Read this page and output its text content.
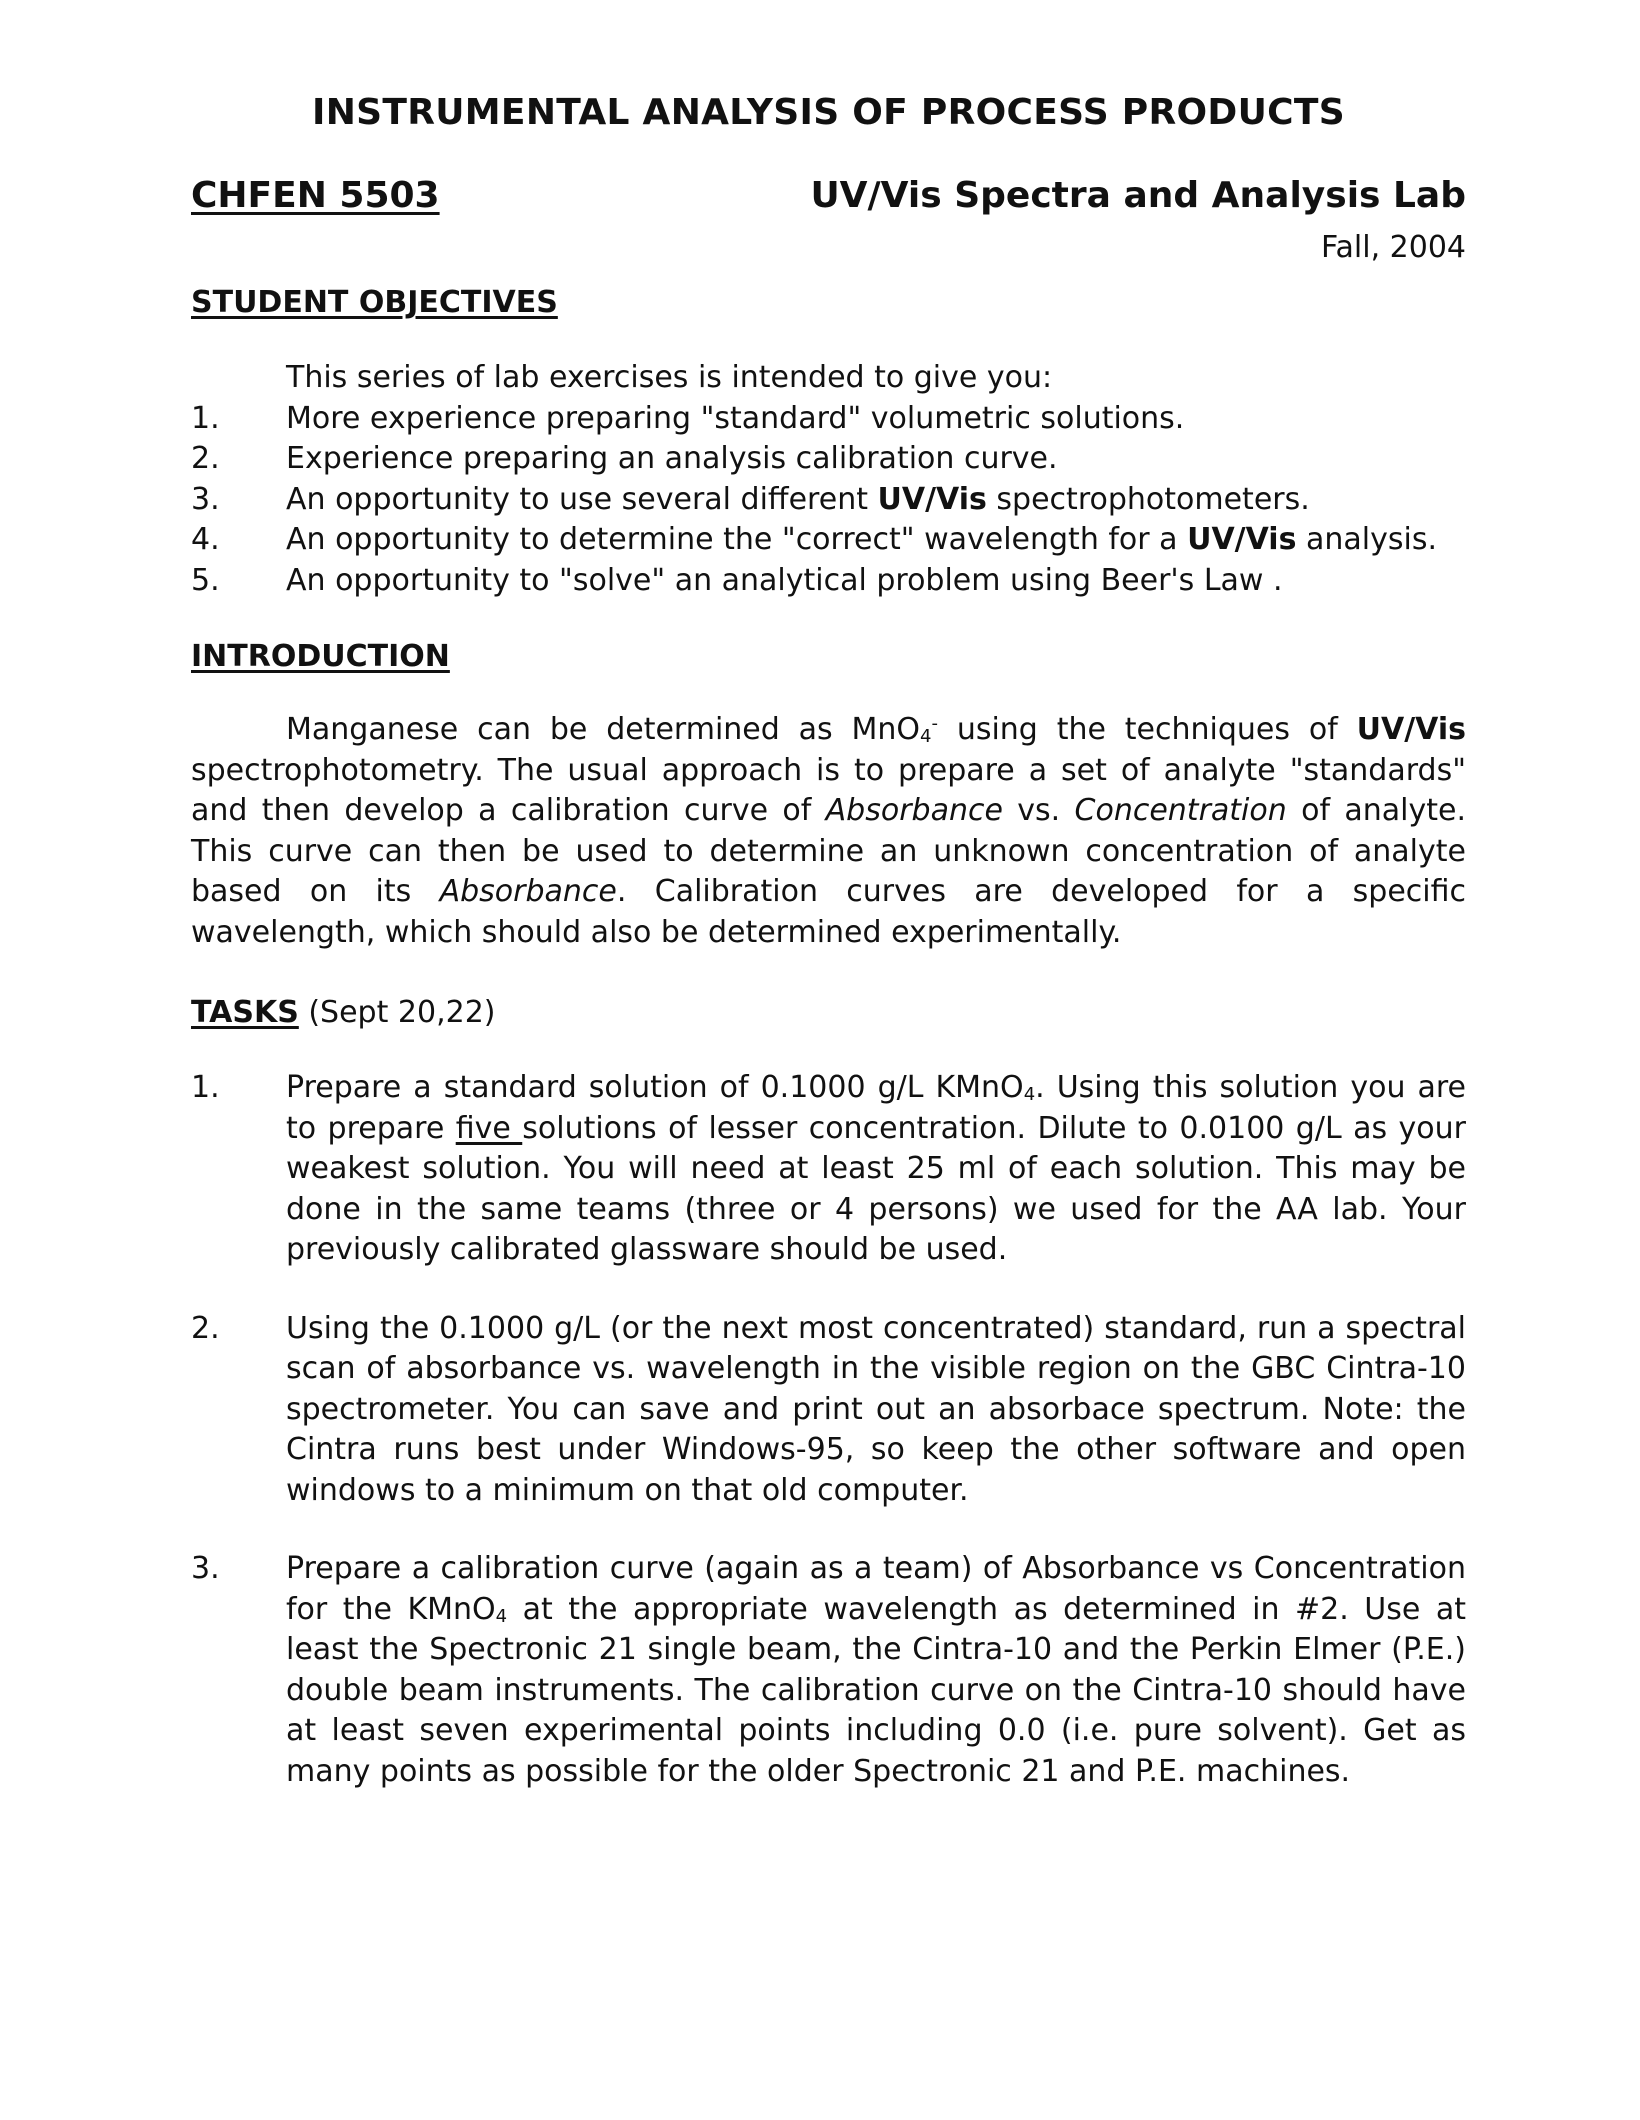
INSTRUMENTAL ANALYSIS OF PROCESS PRODUCTS
CHFEN 5503	UV/Vis Spectra and Analysis Lab
Fall, 2004
STUDENT OBJECTIVES
This series of lab exercises is intended to give you:
1.	More experience preparing "standard" volumetric solutions.
2.	Experience preparing an analysis calibration curve.
3.	An opportunity to use several different UV/Vis spectrophotometers.
4.	An opportunity to determine the "correct" wavelength for a UV/Vis analysis.
5.	An opportunity to "solve" an analytical problem using Beer's Law .
INTRODUCTION
Manganese can be determined as MnO$_4$- using the techniques of UV/Vis spectrophotometry. The usual approach is to prepare a set of analyte "standards" and then develop a calibration curve of Absorbance vs. Concentration of analyte. This curve can then be used to determine an unknown concentration of analyte based on its Absorbance. Calibration curves are developed for a specific wavelength, which should also be determined experimentally.
TASKS (Sept 20,22)
1.	Prepare a standard solution of 0.1000 g/L KMnO$_4$. Using this solution you are to prepare five solutions of lesser concentration. Dilute to 0.0100 g/L as your weakest solution. You will need at least 25 ml of each solution. This may be done in the same teams (three or 4 persons) we used for the AA lab. Your previously calibrated glassware should be used.
2.	Using the 0.1000 g/L (or the next most concentrated) standard, run a spectral scan of absorbance vs. wavelength in the visible region on the GBC Cintra-10 spectrometer. You can save and print out an absorbace spectrum. Note: the Cintra runs best under Windows-95, so keep the other software and open windows to a minimum on that old computer.
3.	Prepare a calibration curve (again as a team) of Absorbance vs Concentration for the KMnO$_4$ at the appropriate wavelength as determined in #2. Use at least the Spectronic 21 single beam, the Cintra-10 and the Perkin Elmer (P.E.) double beam instruments. The calibration curve on the Cintra-10 should have at least seven experimental points including 0.0 (i.e. pure solvent). Get as many points as possible for the older Spectronic 21 and P.E. machines.
